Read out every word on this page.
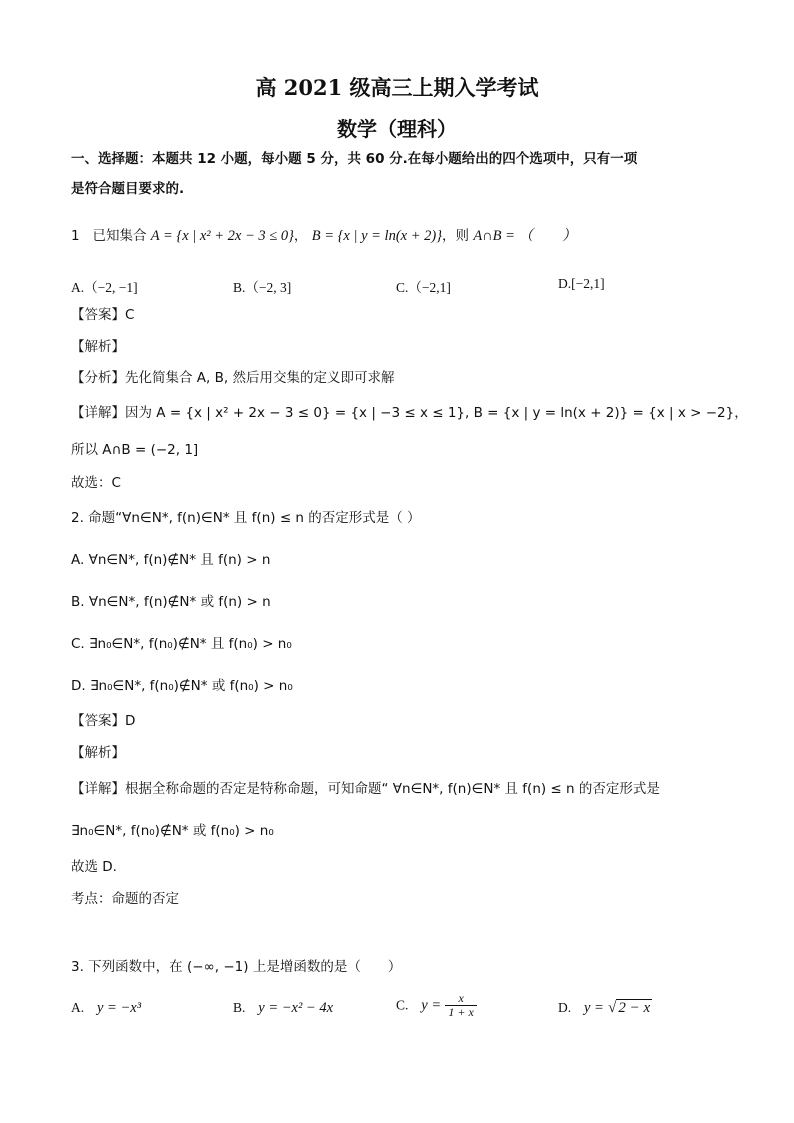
高 2021 级高三上期入学考试
数学（理科）
一、选择题：本题共 12 小题，每小题 5 分，共 60 分.在每小题给出的四个选项中，只有一项
是符合题目要求的.
1 已知集合 A = {x | x² + 2x − 3 ≤ 0}， B = {x | y = ln(x + 2)}，则 A∩B = （　　）
A.（−2, −1]	B.（−2, 3]	C.（−2,1]	D.[−2,1]
【答案】C
【解析】
【分析】先化简集合 A, B, 然后用交集的定义即可求解
【详解】因为 A = {x | x² + 2x − 3 ≤ 0} = {x | −3 ≤ x ≤ 1}, B = {x | y = ln(x + 2)} = {x | x > −2}，
所以 A∩B = (−2, 1]
故选：C
2. 命题“∀n∈N*, f(n)∈N* 且 f(n) ≤ n 的否定形式是（ ）
A. ∀n∈N*, f(n)∉N* 且 f(n) > n
B. ∀n∈N*, f(n)∉N* 或 f(n) > n
C. ∃n₀∈N*, f(n₀)∉N* 且 f(n₀) > n₀
D. ∃n₀∈N*, f(n₀)∉N* 或 f(n₀) > n₀
【答案】D
【解析】
【详解】根据全称命题的否定是特称命题，可知命题“ ∀n∈N*, f(n)∈N* 且 f(n) ≤ n 的否定形式是
∃n₀∈N*, f(n₀)∉N* 或 f(n₀) > n₀
故选 D.
考点：命题的否定
3. 下列函数中，在 (−∞, −1) 上是增函数的是（　　）
A. y = −x³	B. y = −x² − 4x	C. $y = \frac{x}{1 + x}$	D. y = √ 2 − x
